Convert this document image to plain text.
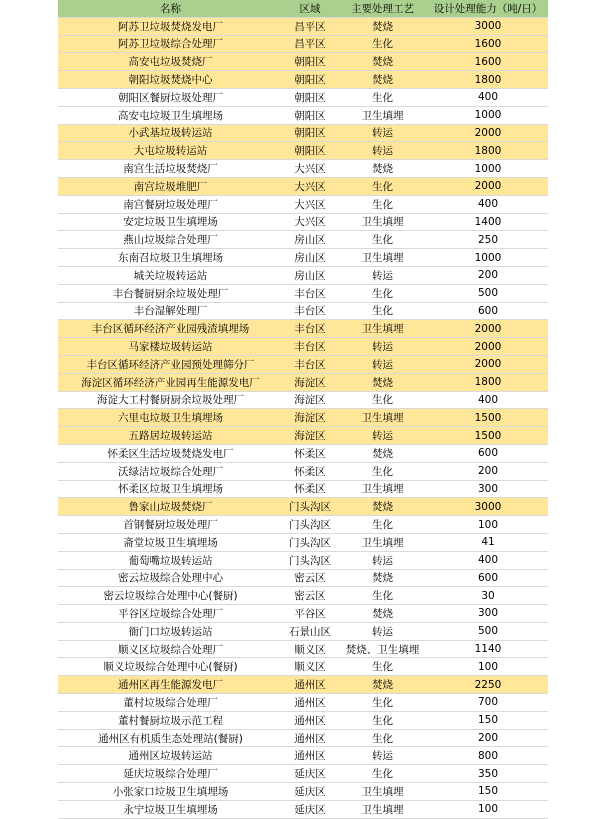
名称	区域	主要处理工艺	设计处理能力（吨/日）
阿苏卫垃圾焚烧发电厂	昌平区	焚烧	3000
阿苏卫垃圾综合处理厂	昌平区	生化	1600
高安屯垃圾焚烧厂	朝阳区	焚烧	1600
朝阳垃圾焚烧中心	朝阳区	焚烧	1800
朝阳区餐厨垃圾处理厂	朝阳区	生化	400
高安屯垃圾卫生填埋场	朝阳区	卫生填埋	1000
小武基垃圾转运站	朝阳区	转运	2000
大屯垃圾转运站	朝阳区	转运	1800
南宫生活垃圾焚烧厂	大兴区	焚烧	1000
南宫垃圾堆肥厂	大兴区	生化	2000
南宫餐厨垃圾处理厂	大兴区	生化	400
安定垃圾卫生填埋场	大兴区	卫生填埋	1400
燕山垃圾综合处理厂	房山区	生化	250
东南召垃圾卫生填埋场	房山区	卫生填埋	1000
城关垃圾转运站	房山区	转运	200
丰台餐厨厨余垃圾处理厂	丰台区	生化	500
丰台湿解处理厂	丰台区	生化	600
丰台区循环经济产业园残渣填埋场	丰台区	卫生填埋	2000
马家楼垃圾转运站	丰台区	转运	2000
丰台区循环经济产业园预处理筛分厂	丰台区	转运	2000
海淀区循环经济产业园再生能源发电厂	海淀区	焚烧	1800
海淀大工村餐厨厨余垃圾处理厂	海淀区	生化	400
六里屯垃圾卫生填埋场	海淀区	卫生填埋	1500
五路居垃圾转运站	海淀区	转运	1500
怀柔区生活垃圾焚烧发电厂	怀柔区	焚烧	600
沃绿洁垃圾综合处理厂	怀柔区	生化	200
怀柔区垃圾卫生填埋场	怀柔区	卫生填埋	300
鲁家山垃圾焚烧厂	门头沟区	焚烧	3000
首钢餐厨垃圾处理厂	门头沟区	生化	100
斋堂垃圾卫生填埋场	门头沟区	卫生填埋	41
葡萄嘴垃圾转运站	门头沟区	转运	400
密云垃圾综合处理中心	密云区	焚烧	600
密云垃圾综合处理中心(餐厨)	密云区	生化	30
平谷区垃圾综合处理厂	平谷区	焚烧	300
衙门口垃圾转运站	石景山区	转运	500
顺义区垃圾综合处理厂	顺义区	焚烧、卫生填埋	1140
顺义垃圾综合处理中心(餐厨)	顺义区	生化	100
通州区再生能源发电厂	通州区	焚烧	2250
董村垃圾综合处理厂	通州区	生化	700
董村餐厨垃圾示范工程	通州区	生化	150
通州区有机质生态处理站(餐厨)	通州区	生化	200
通州区垃圾转运站	通州区	转运	800
延庆垃圾综合处理厂	延庆区	生化	350
小张家口垃圾卫生填埋场	延庆区	卫生填埋	150
永宁垃圾卫生填埋场	延庆区	卫生填埋	100
